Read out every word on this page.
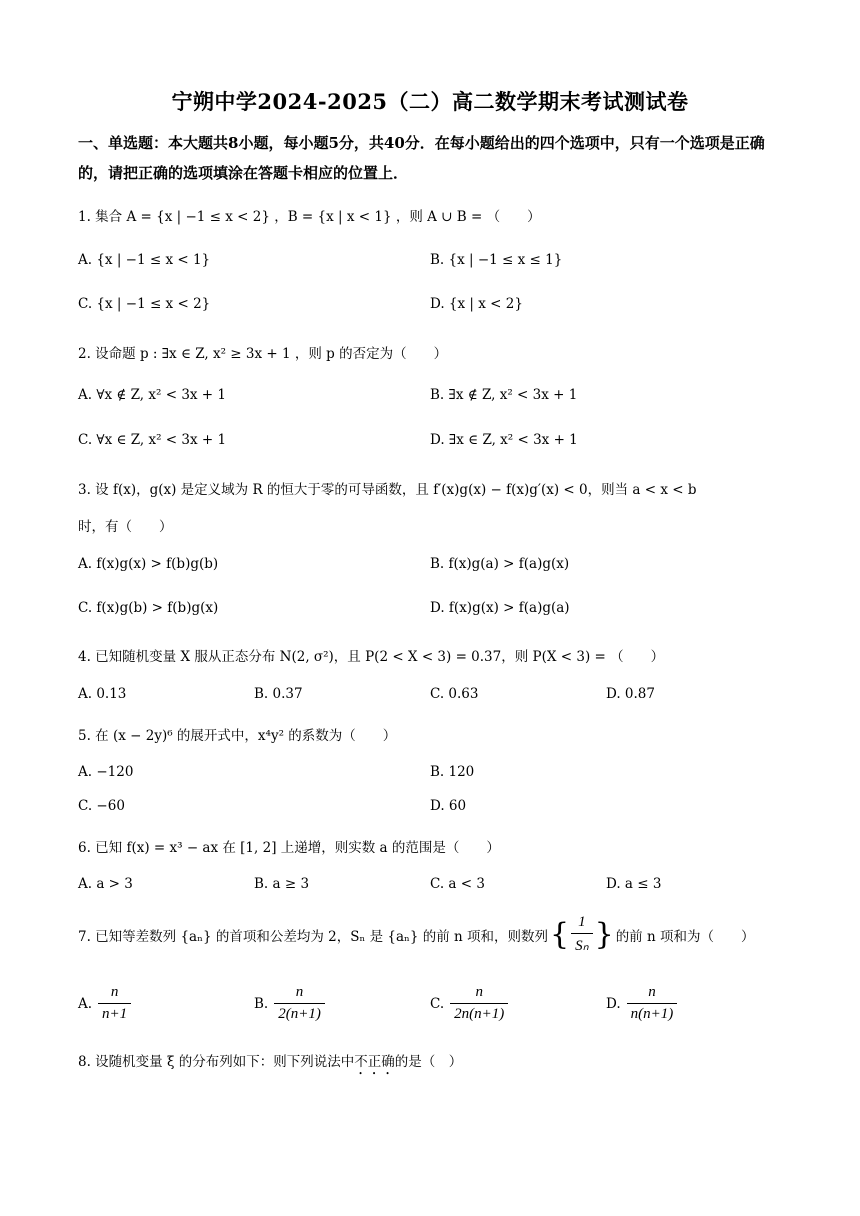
宁朔中学2024-2025（二）高二数学期末考试测试卷
一、单选题：本大题共8小题，每小题5分，共40分．在每小题给出的四个选项中，只有一个选项是正确的，请把正确的选项填涂在答题卡相应的位置上．
1. 集合 A = {x | −1 ≤ x < 2} ，B = {x | x < 1} ，则 A ∪ B = （　　）
A. {x | −1 ≤ x < 1}	B. {x | −1 ≤ x ≤ 1}
C. {x | −1 ≤ x < 2}	D. {x | x < 2}
2. 设命题 p : ∃x ∈ Z, x² ≥ 3x + 1 ，则 p 的否定为（　　）
A. ∀x ∉ Z, x² < 3x + 1	B. ∃x ∉ Z, x² < 3x + 1
C. ∀x ∈ Z, x² < 3x + 1	D. ∃x ∈ Z, x² < 3x + 1
3. 设 f(x)，g(x) 是定义域为 R 的恒大于零的可导函数，且 f′(x)g(x) − f(x)g′(x) < 0，则当 a < x < b
时，有（　　）
A. f(x)g(x) > f(b)g(b)	B. f(x)g(a) > f(a)g(x)
C. f(x)g(b) > f(b)g(x)	D. f(x)g(x) > f(a)g(a)
4. 已知随机变量 X 服从正态分布 N(2, σ²)，且 P(2 < X < 3) = 0.37，则 P(X < 3) = （　　）
A. 0.13	B. 0.37	C. 0.63	D. 0.87
5. 在 (x − 2y)⁶ 的展开式中，x⁴y² 的系数为（　　）
A. −120	B. 120
C. −60	D. 60
6. 已知 f(x) = x³ − ax 在 [1, 2] 上递增，则实数 a 的范围是（　　）
A. a > 3	B. a ≥ 3	C. a < 3	D. a ≤ 3
7. 已知等差数列 {aₙ} 的首项和公差均为 2，Sₙ 是 {aₙ} 的前 n 项和，则数列 { $\frac{1}{\text{Sₙ}}$ } 的前 n 项和为（　　）
A. $\frac{n}{n+1}$	B. $\frac{n}{2(n+1)}$	C. $\frac{n}{2n(n+1)}$	D. $\frac{n}{n(n+1)}$
8. 设随机变量 ξ 的分布列如下：则下列说法中不正确的是（　）
